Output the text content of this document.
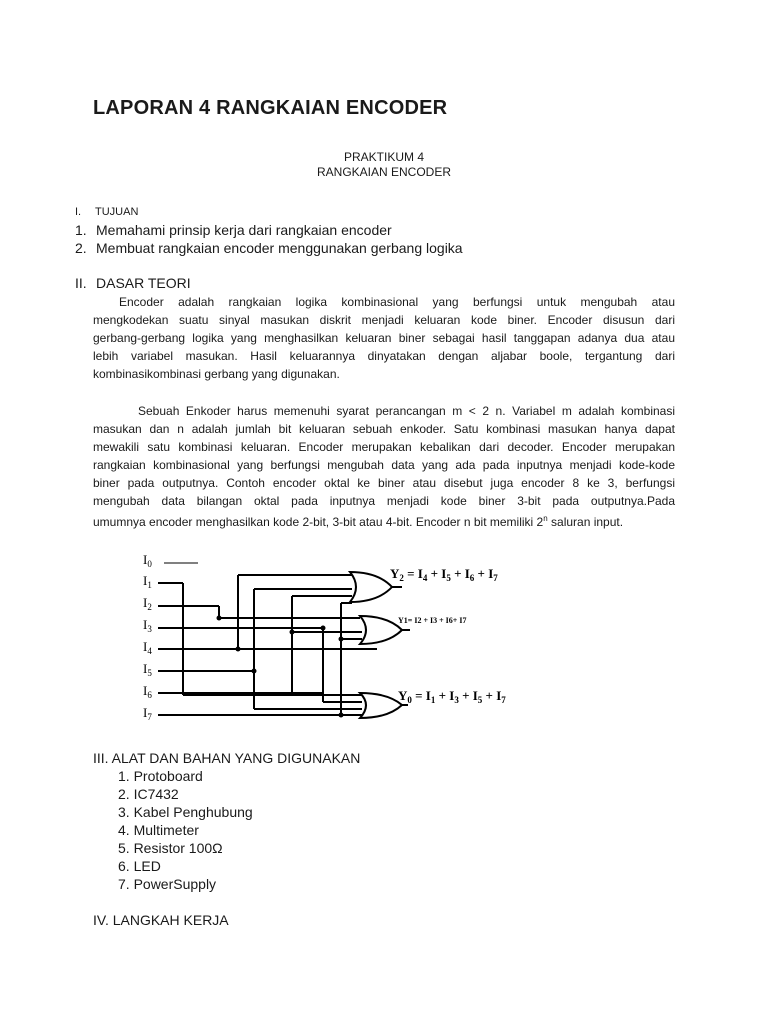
LAPORAN 4 RANGKAIAN ENCODER
PRAKTIKUM 4
RANGKAIAN ENCODER
I. TUJUAN
1. Memahami prinsip kerja dari rangkaian encoder
2. Membuat rangkaian encoder menggunakan gerbang logika
II. DASAR TEORI
Encoder adalah rangkaian logika kombinasional yang berfungsi untuk mengubah atau
mengkodekan suatu sinyal masukan diskrit menjadi keluaran kode biner. Encoder disusun dari
gerbang-gerbang logika yang menghasilkan keluaran biner sebagai hasil tanggapan adanya dua atau
lebih variabel masukan. Hasil keluarannya dinyatakan dengan aljabar boole, tergantung dari
kombinasikombinasi gerbang yang digunakan.
Sebuah Enkoder harus memenuhi syarat perancangan m < 2 n. Variabel m adalah kombinasi
masukan dan n adalah jumlah bit keluaran sebuah enkoder. Satu kombinasi masukan hanya dapat
mewakili satu kombinasi keluaran. Encoder merupakan kebalikan dari decoder. Encoder merupakan
rangkaian kombinasional yang berfungsi mengubah data yang ada pada inputnya menjadi kode-kode
biner pada outputnya. Contoh encoder oktal ke biner atau disebut juga encoder 8 ke 3, berfungsi
mengubah data bilangan oktal pada inputnya menjadi kode biner 3-bit pada outputnya.Pada
umumnya encoder menghasilkan kode 2-bit, 3-bit atau 4-bit. Encoder n bit memiliki 2$^n$ saluran input.
$I_0$
$I_1$
$I_2$
$I_3$
$I_4$
$I_5$
$I_6$
$I_7$
$Y_2 = I_4 + I_5 + I_6 + I_7$
Y1= I2 + I3 + I6+ I7
$Y_0 = I_1 + I_3 + I_5 + I_7$
III. ALAT DAN BAHAN YANG DIGUNAKAN
1. Protoboard
2. IC7432
3. Kabel Penghubung
4. Multimeter
5. Resistor 100Ω
6. LED
7. PowerSupply
IV. LANGKAH KERJA
